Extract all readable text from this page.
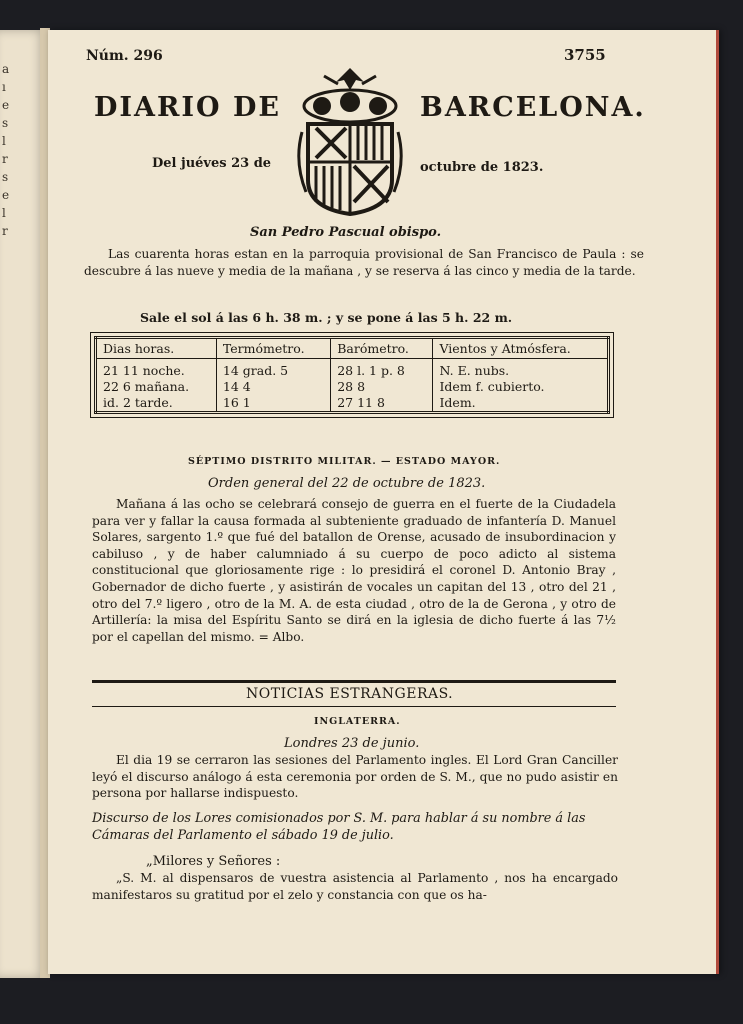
a
ı
e
s
l
r
s
e
l
r
Núm. 296	3755
DIARIO DE	BARCELONA.
Del juéves 23 de	octubre de 1823.
San Pedro Pascual obispo.
Las cuarenta horas estan en la parroquia provisional de San Francisco de Paula : se descubre á las nueve y media de la mañana , y se reserva á las cinco y media de la tarde.
Sale el sol á las 6 h. 38 m. ; y se pone á las 5 h. 22 m.
Dias horas.	Termómetro.	Barómetro.	Vientos y Atmósfera.
21 11 noche.	14 grad. 5	28 l. 1 p. 8	N. E. nubs.
22 6 mañana.	14 4	28 8	Idem f. cubierto.
id. 2 tarde.	16 1	27 11 8	Idem.
SÉPTIMO DISTRITO MILITAR. — ESTADO MAYOR.
Orden general del 22 de octubre de 1823.
Mañana á las ocho se celebrará consejo de guerra en el fuerte de la Ciudadela para ver y fallar la causa formada al subteniente graduado de infantería D. Manuel Solares, sargento 1.º que fué del batallon de Orense, acusado de insubordinacion y cabiluso , y de haber calumniado á su cuerpo de poco adicto al sistema constitucional que gloriosamente rige : lo presidirá el coronel D. Antonio Bray , Gobernador de dicho fuerte , y asistirán de vocales un capitan del 13 , otro del 21 , otro del 7.º ligero , otro de la M. A. de esta ciudad , otro de la de Gerona , y otro de Artillería: la misa del Espíritu Santo se dirá en la iglesia de dicho fuerte á las 7½ por el capellan del mismo. = Albo.
NOTICIAS ESTRANGERAS.
INGLATERRA.
Londres 23 de junio.
El dia 19 se cerraron las sesiones del Parlamento ingles. El Lord Gran Canciller leyó el discurso análogo á esta ceremonia por orden de S. M., que no pudo asistir en persona por hallarse indispuesto.
Discurso de los Lores comisionados por S. M. para hablar á su nombre á las Cámaras del Parlamento el sábado 19 de julio.
„Milores y Señores :
„S. M. al dispensaros de vuestra asistencia al Parlamento , nos ha encargado manifestaros su gratitud por el zelo y constancia con que os ha-
